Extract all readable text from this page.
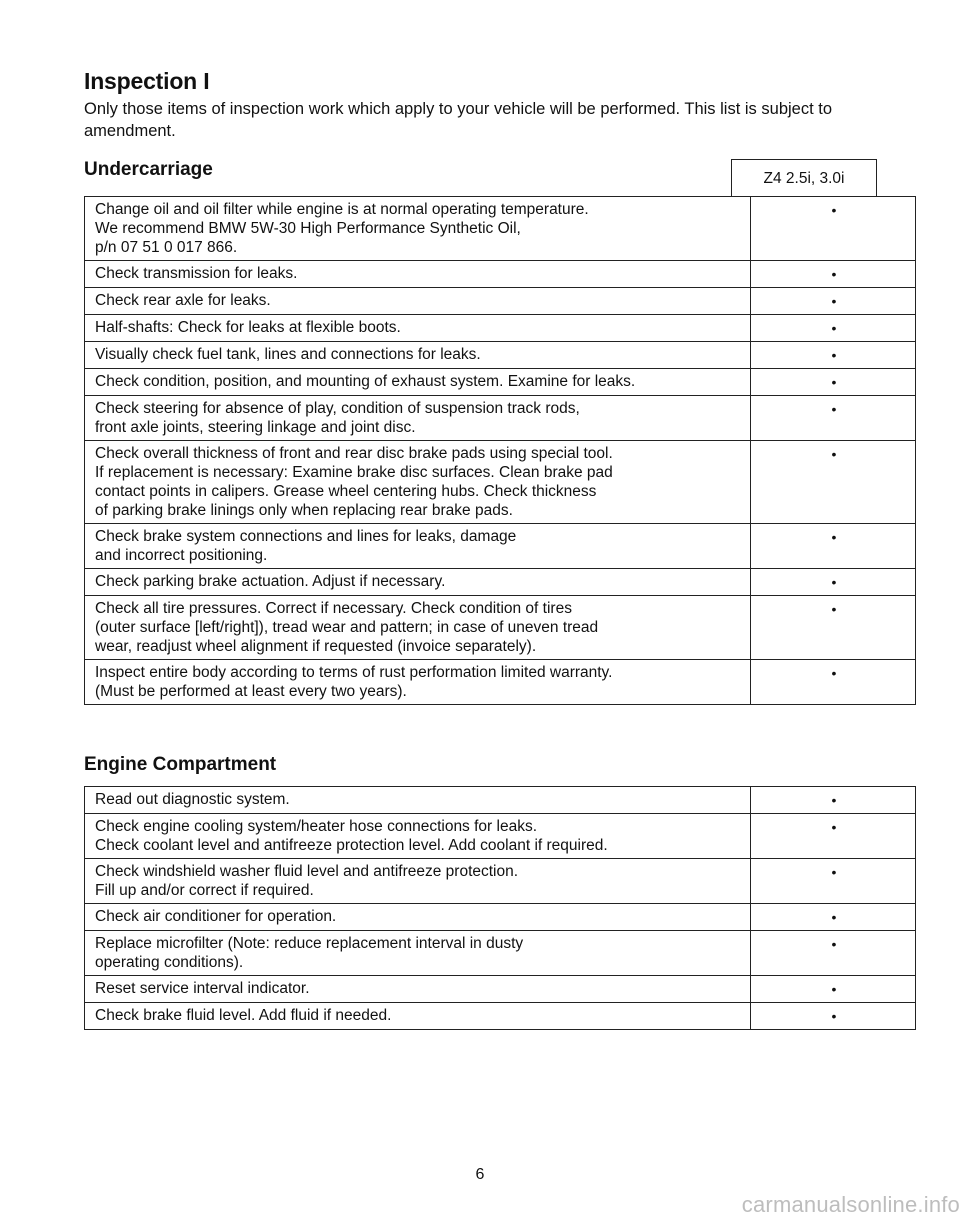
Inspection I
Only those items of inspection work which apply to your vehicle will be performed. This list is subject to amendment.
Undercarriage	Z4 2.5i, 3.0i
Change oil and oil filter while engine is at normal operating temperature.
We recommend BMW 5W-30 High Performance Synthetic Oil,
p/n 07 51 0 017 866.	•
Check transmission for leaks.	•
Check rear axle for leaks.	•
Half-shafts: Check for leaks at flexible boots.	•
Visually check fuel tank, lines and connections for leaks.	•
Check condition, position, and mounting of exhaust system. Examine for leaks.	•
Check steering for absence of play, condition of suspension track rods,
front axle joints, steering linkage and joint disc.	•
Check overall thickness of front and rear disc brake pads using special tool.
If replacement is necessary: Examine brake disc surfaces. Clean brake pad
contact points in calipers. Grease wheel centering hubs. Check thickness
of parking brake linings only when replacing rear brake pads.	•
Check brake system connections and lines for leaks, damage
and incorrect positioning.	•
Check parking brake actuation. Adjust if necessary.	•
Check all tire pressures. Correct if necessary. Check condition of tires
(outer surface [left/right]), tread wear and pattern; in case of uneven tread
wear, readjust wheel alignment if requested (invoice separately).	•
Inspect entire body according to terms of rust performation limited warranty.
(Must be performed at least every two years).	•
Engine Compartment
Read out diagnostic system.	•
Check engine cooling system/heater hose connections for leaks.
Check coolant level and antifreeze protection level. Add coolant if required.	•
Check windshield washer fluid level and antifreeze protection.
Fill up and/or correct if required.	•
Check air conditioner for operation.	•
Replace microfilter (Note: reduce replacement interval in dusty
operating conditions).	•
Reset service interval indicator.	•
Check brake fluid level. Add fluid if needed.	•
6
carmanualsonline.info
